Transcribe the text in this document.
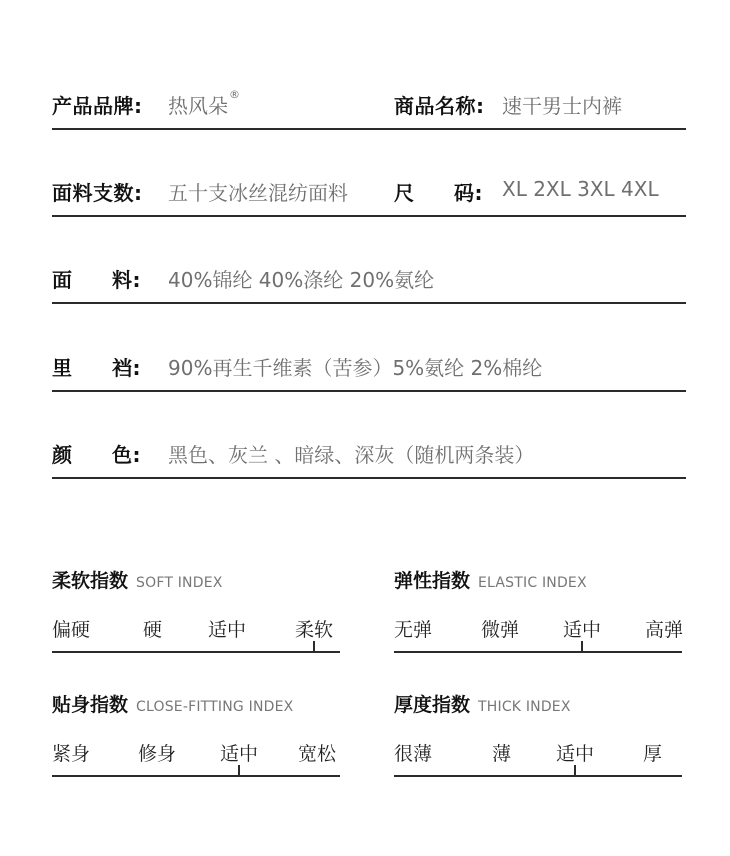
产品品牌: 热风朵®	商品名称: 速干男士内裤
面料支数: 五十支冰丝混纺面料 尺 码: XL 2XL 3XL 4XL
面 料: 40%锦纶 40%涤纶 20%氨纶
里 裆: 90%再生千维素（苦参）5%氨纶 2%棉纶
颜 色: 黑色、灰兰 、暗绿、深灰（随机两条装）
柔软指数 SOFT INDEX
偏硬	硬 适中	柔软
弹性指数 ELASTIC INDEX
无弹	微弹 适中 高弹
贴身指数 CLOSE-FITTING INDEX
紧身	修身 适中 宽松
厚度指数 THICK INDEX
很薄	薄 适中	厚
